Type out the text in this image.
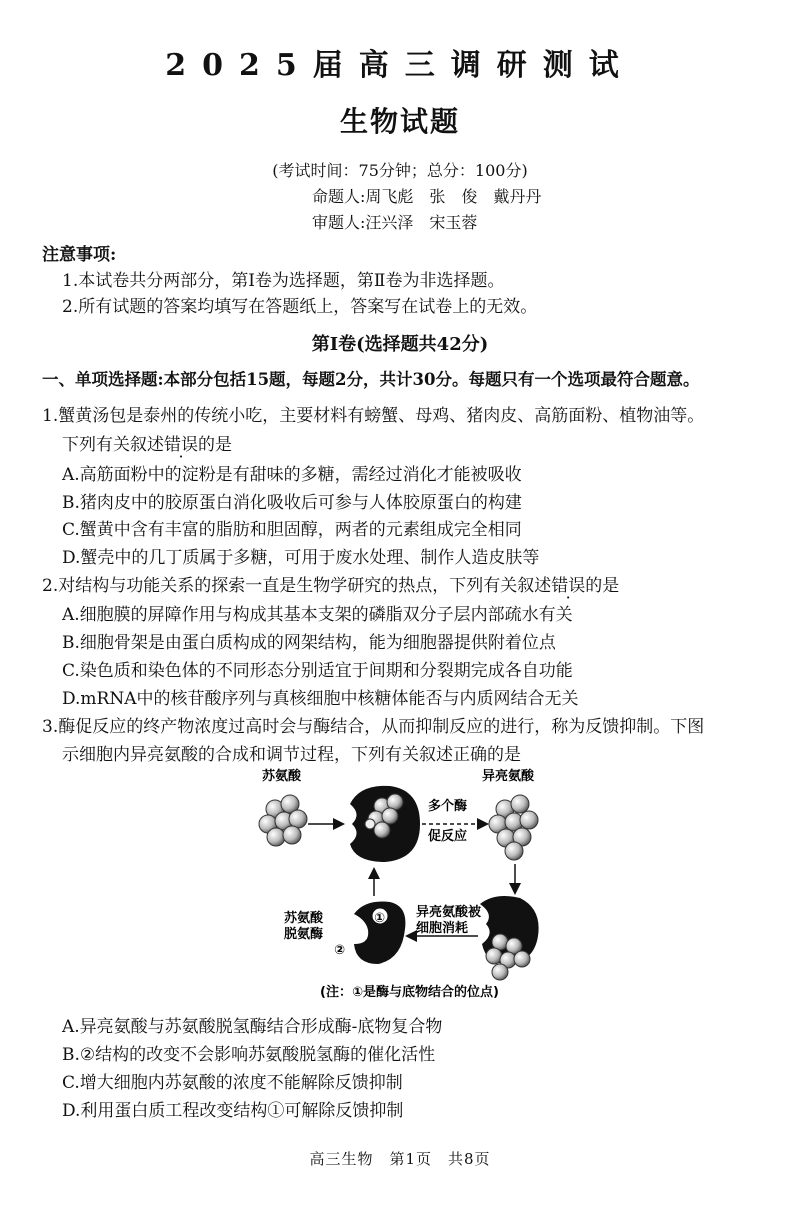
2025届高三调研测试
生物试题
(考试时间：75分钟；总分：100分)
命题人:周飞彪　张　俊　戴丹丹
审题人:汪兴泽　宋玉蓉
注意事项:
1.本试卷共分两部分，第Ⅰ卷为选择题，第Ⅱ卷为非选择题。
2.所有试题的答案均填写在答题纸上，答案写在试卷上的无效。
第Ⅰ卷(选择题共42分)
一、单项选择题:本部分包括15题，每题2分，共计30分。每题只有一个选项最符合题意。
1.蟹黄汤包是泰州的传统小吃，主要材料有螃蟹、母鸡、猪肉皮、高筋面粉、植物油等。
下列有关叙述错误的是
A.高筋面粉中的淀粉是有甜味的多糖，需经过消化才能被吸收
B.猪肉皮中的胶原蛋白消化吸收后可参与人体胶原蛋白的构建
C.蟹黄中含有丰富的脂肪和胆固醇，两者的元素组成完全相同
D.蟹壳中的几丁质属于多糖，可用于废水处理、制作人造皮肤等
2.对结构与功能关系的探索一直是生物学研究的热点，下列有关叙述错误的是
A.细胞膜的屏障作用与构成其基本支架的磷脂双分子层内部疏水有关
B.细胞骨架是由蛋白质构成的网架结构，能为细胞器提供附着位点
C.染色质和染色体的不同形态分别适宜于间期和分裂期完成各自功能
D.mRNA中的核苷酸序列与真核细胞中核糖体能否与内质网结合无关
3.酶促反应的终产物浓度过高时会与酶结合，从而抑制反应的进行，称为反馈抑制。下图
示细胞内异亮氨酸的合成和调节过程，下列有关叙述正确的是
苏氨酸	异亮氨酸
多个酶
促反应
异亮氨酸被
细胞消耗
苏氨酸
脱氨酶
①
②
(注：①是酶与底物结合的位点)
A.异亮氨酸与苏氨酸脱氢酶结合形成酶-底物复合物
B.②结构的改变不会影响苏氨酸脱氢酶的催化活性
C.增大细胞内苏氨酸的浓度不能解除反馈抑制
D.利用蛋白质工程改变结构①可解除反馈抑制
高三生物　第1页　共8页
